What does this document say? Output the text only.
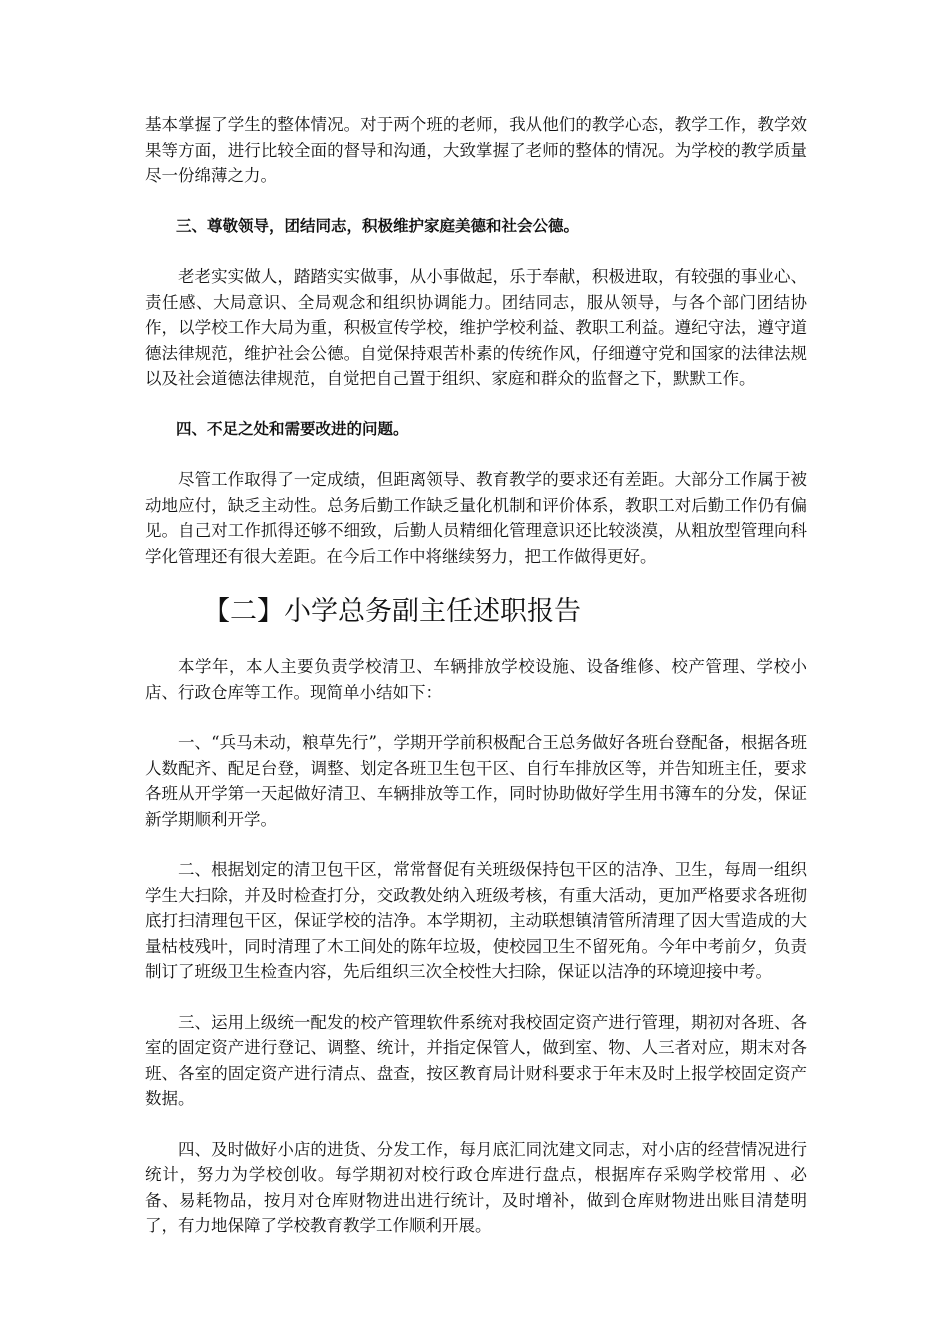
基本掌握了学生的整体情况。对于两个班的老师，我从他们的教学心态，教学工作，教学效果等方面，进行比较全面的督导和沟通，大致掌握了老师的整体的情况。为学校的教学质量尽一份绵薄之力。

三、尊敬领导，团结同志，积极维护家庭美德和社会公德。

老老实实做人，踏踏实实做事，从小事做起，乐于奉献，积极进取，有较强的事业心、责任感、大局意识、全局观念和组织协调能力。团结同志，服从领导，与各个部门团结协作，以学校工作大局为重，积极宣传学校，维护学校利益、教职工利益。遵纪守法，遵守道德法律规范，维护社会公德。自觉保持艰苦朴素的传统作风，仔细遵守党和国家的法律法规以及社会道德法律规范，自觉把自己置于组织、家庭和群众的监督之下，默默工作。

四、不足之处和需要改进的问题。

尽管工作取得了一定成绩，但距离领导、教育教学的要求还有差距。大部分工作属于被动地应付，缺乏主动性。总务后勤工作缺乏量化机制和评价体系，教职工对后勤工作仍有偏见。自己对工作抓得还够不细致，后勤人员精细化管理意识还比较淡漠，从粗放型管理向科学化管理还有很大差距。在今后工作中将继续努力，把工作做得更好。

【二】小学总务副主任述职报告

本学年，本人主要负责学校清卫、车辆排放学校设施、设备维修、校产管理、学校小店、行政仓库等工作。现简单小结如下：

一、“兵马未动，粮草先行”，学期开学前积极配合王总务做好各班台登配备，根据各班人数配齐、配足台登，调整、划定各班卫生包干区、自行车排放区等，并告知班主任，要求各班从开学第一天起做好清卫、车辆排放等工作，同时协助做好学生用书簿车的分发，保证新学期顺利开学。

二、根据划定的清卫包干区，常常督促有关班级保持包干区的洁净、卫生，每周一组织学生大扫除，并及时检查打分，交政教处纳入班级考核，有重大活动，更加严格要求各班彻底打扫清理包干区，保证学校的洁净。本学期初，主动联想镇清管所清理了因大雪造成的大量枯枝残叶，同时清理了木工间处的陈年垃圾，使校园卫生不留死角。今年中考前夕，负责制订了班级卫生检查内容，先后组织三次全校性大扫除，保证以洁净的环境迎接中考。

三、运用上级统一配发的校产管理软件系统对我校固定资产进行管理，期初对各班、各室的固定资产进行登记、调整、统计，并指定保管人，做到室、物、人三者对应，期末对各班、各室的固定资产进行清点、盘查，按区教育局计财科要求于年末及时上报学校固定资产数据。

四、及时做好小店的进货、分发工作，每月底汇同沈建文同志，对小店的经营情况进行统计，努力为学校创收。每学期初对校行政仓库进行盘点，根据库存采购学校常用 、必备、易耗物品，按月对仓库财物进出进行统计，及时增补，做到仓库财物进出账目清楚明了，有力地保障了学校教育教学工作顺利开展。
